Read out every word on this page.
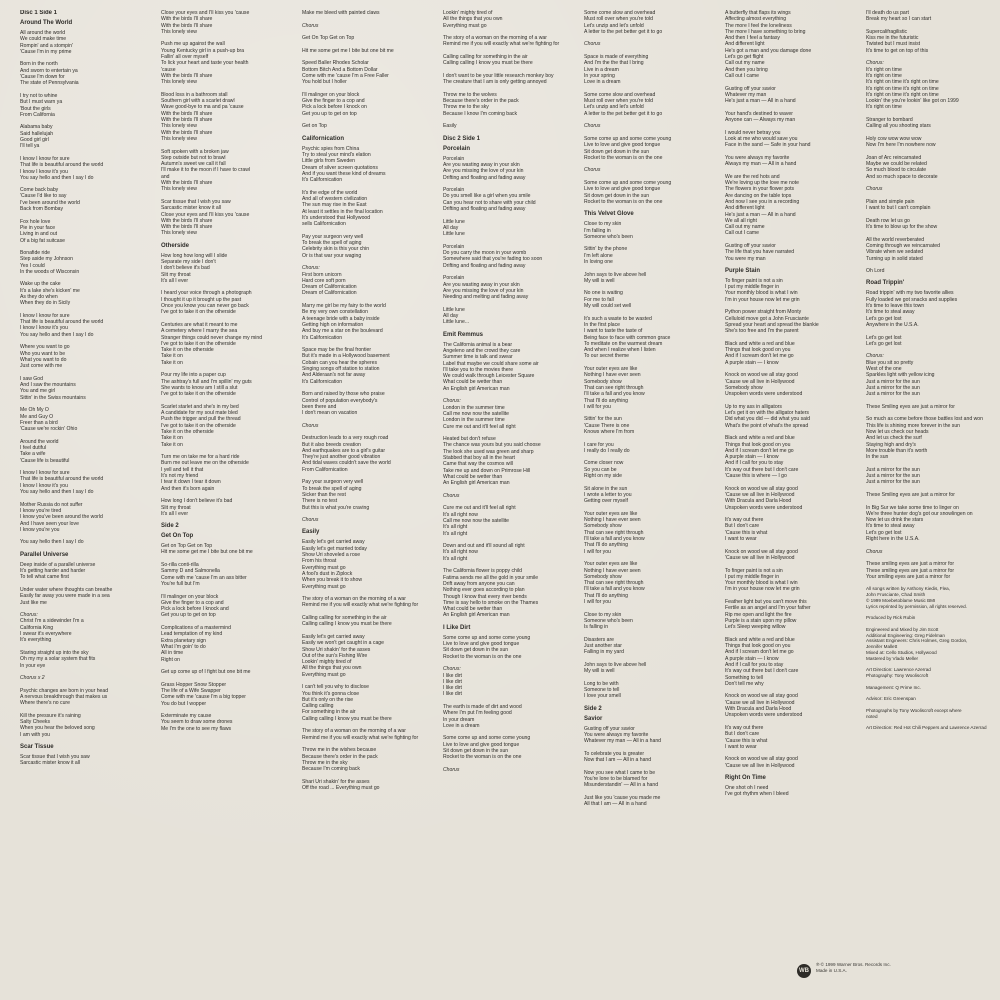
Disc 1 Side 1
Around The World
All around the world
We could make time
Rompin' and a stompin'
'Cause I'm in my prime

Born in the north
And sworn to entertain ya
'Cause I'm down for
The state of Pennsylvania

I try not to whine
But I must warn ya
'Bout the girls
From California

Alabama baby
Said hallelujah
Good girl girl
I'll tell ya

I know I know for sure
That life is beautiful around the world
I know I know it's you
You say hello and then I say I do
Come back baby
'Cause I'd like to say
I've been around the world
Back from Bombay

Fox hole love
Pie in your face
Living in and out
Of a big fat suitcase

Bonafide ride
Step aside my Johnson
Yes I could
In the woods of Wisconsin
Wake up the cake
It's a lake she's kicken' me
As they do when
When they do in Sicily

I know I know for sure
That life is beautiful around the world
I know I know it's you
You say hello and then I say I do

Where you want to go
Who you want to be
What you want to do
Just come with me

I saw God
And I saw the mountains
You and me girl
Sittin' in the Swiss mountains

Me Oh My O
Me and Guy O
Freer than a bird
'Cause we're rockin' Ohio

Around the world
I feel dutiful
Take a wife
'Cause life is beautiful

I know I know for sure
That life is beautiful around the world
I know I know it's you
You say hello and then I say I do

Mother Russia do not suffer
I know you're tired
I know you've been around the world
And I have seen your love
I know you're you

You say hello then I say I do
Parallel Universe
Deep inside of a parallel universe
It's getting harder and harder
To tell what came first

Under water where thoughts can breathe
Easily far away you were made in a sea
Just like me

Chorus:
Christ I'm a sidewinder I'm a
California King
I swear it's everywhere
It's everything

Staring straight up into the sky
Oh my my a solar system that fits
In your eye

Chorus x 2

Psychic changes are born in your head
A nervous breakthrough that makes us
Where there's no cure

Kill the pressure it's raining
Salty Cheeks
When you hear the beloved song
I am with you
Scar Tissue
Scar tissue that I wish you saw
Sarcastic mister know it all
Close your eyes and I'll kiss you 'cause
With the birds I'll share
With the birds I'll share
This lonely view

Push me up against the wall
Young Kentucky girl in a push-up bra
Fallin' all over myself
To lick your heart and taste your health
'cause
With the birds I'll share
This lonely view

Blood loss in a bathroom stall
Southern girl with a scarlet drawl
Wave good-bye to ma and pa 'cause
With the birds I'll share
With the birds I'll share
This lonely view
With the birds I'll share
This lonely view

Soft spoken with a broken jaw
Step outside but not to brawl
Autumn's sweet we call it fall
I'll make it to the moon if I have to crawl
and
With the birds I'll share
This lonely view

Scar tissue that I wish you saw
Sarcastic mister know it all
Close your eyes and I'll kiss you 'cause
With the birds I'll share
With the birds I'll share
This lonely view
Otherside
How long how long will I slide
Separate my side I don't
I don't believe it's bad
Slit my throat
It's all I ever

I heard your voice through a photograph
I thought it up it brought up the past
Once you know you can never go back
I've got to take it on the otherside

Centuries are what it meant to me
A cemetery where I marry the sea
Stranger things could never change my mind
I've got to take it on the otherside
Take it on the otherside
Take it on
Take it on

Pour my life into a paper cup
The ashtray's full and I'm spillin' my guts
She wants to know am I still a slut
I've got to take it on the otherside

Scarlet starlet and she's in my bed
A candidate for my soul mate bled
Push the trigger and pull the thread
I've got to take it on the otherside
Take it on the otherside
Take it on
Take it on

Turn me on take me for a hard ride
Burn me out leave me on the otherside
I yell and tell it that
It's not my friend
I tear it down I tear it down
And then it's born again

How long I don't believe it's bad
Slit my throat
It's all I ever
Side 2
Get On Top
Get on Top Get on Top
Hit me some get me I bite but one bit me

So-rilla conti-rilla
Sammy D and Salmonella
Come with me 'cause I'm an ass bitter
You're full but I'm

I'll malinger on your block
Give the finger to a cop and
Pick a lock before I knock and
Get you up to get on top

Complications of a mastermind
Lead temptation of my kind
Extra planetary sign
What I'm goin' to do
All in time
Right on

Get up come up of I fight but one bit me

Grass Hopper Snow Stopper
The life of a Wife Swapper
Come with me 'cause I'm a big topper
You do but I wopper

Exterminate my cause
You seem to draw some drones
Me I'm the one to see my flaws
Make me bleed with painted claws

Chorus

Get On Top Get on Top

Hit me some get me I bite but one bit me

Speed Baller Rhodes Scholar
Bottom Bitch And a Bottom Dollar
Come with me 'cause I'm a Free Faller
You hold but I holler

I'll malinger on your block
Give the finger to a cop and
Pick a lock before I knock on
Get you up to get on top

Get on Top
Californication
Psychic spies from China
Try to steal your mind's elation
Little girls from Sweden
Dream of silver screen quotations
And if you want these kind of dreams
It's Californication

It's the edge of the world
And all of western civilization
The sun may rise in the East
At least it settles in the final location
It's understood that Hollywood
sells Californication

Pay your surgeon very well
To break the spell of aging
Celebrity skin is this your chin
Or is that war your waging

Chorus:
First born unicorn
Hard core soft porn
Dream of Californication
Dream of Californication

Marry me girl be my fairy to the world
Be my very own constellation
A teenage bride with a baby inside
Getting high on information
And buy me a star on the boulevard
It's Californication

Space may be the final frontier
But it's made in a Hollywood basement
Cobain can you hear the spheres
Singing songs off station to station
And Alderaan's not far away
It's Californication

Born and raised by those who praise
Control of population everybody's
been there and
I don't mean on vacation

Chorus

Destruction leads to a very rough road
But it also breeds creation
And earthquakes are to a girl's guitar
They're just another good vibration
And tidal waves couldn't save the world
From Californication

Pay your surgeon very well
To break the spell of aging
Sicker than the rest
There is no test
But this is what you're craving

Chorus
Easily
Easily let's get carried away
Easily let's get married today
Show Uri shoveled a rose
From his throat
Everything must go
A fool's dust in Ziplock
When you break it to show
Everything must go

The story of a woman on the morning of a war
Remind me if you will exactly what we're fighting for

Calling calling for something in the air
Calling calling I know you must be there

Easily let's get carried away
Easily we won't get caught in a cage
Show Uri shakin' for the asses
Out of the sun's Fishing Wire
Lookin' mighty tired of
All the things that you own
Everything must go

I can't tell you why to disclose
You think it's gonna close
But it's only on the rise
Calling calling
For something in the air
Calling calling I know you must be there

The story of a woman on the morning of a war
Remind me if you will exactly what we're fighting for

Throw me in the wishes because
Because there's order in the pack
Throw me in the sky
Because I'm coming back

Shari Uri shakin' for the asses
Off the road ... Everything must go
Lookin' mighty tired of
All the things that you own
Everything must go

The story of a woman on the morning of a war
Remind me if you will exactly what we're fighting for

Calling calling for something in the air
Calling calling I know you must be there

I don't want to be your little research monkey boy
The creature that I am is only getting annoyed

Throw me to the wolves
Because there's order in the pack
Throw me to the sky
Because I know I'm coming back

Easily
Disc 2 Side 1
Porcelain
Porcelain
Are you wasting away in your skin
Are you missing the love of your kin
Drifting and floating and fading away

Porcelain
Do you smell like a girl when you smile
Can you hear not to share with your child
Drifting and floating and fading away

Little lune
All day
Little lune

Porcelain
Do you carry the moon in your womb
Somewhere said that you're fading too soon
Drifting and floating and fading away

Porcelain
Are you wasting away in your skin
Are you missing the love of your kin
Needing and melting and fading away

Little lune
All day
Little lune...
Emit Remmus
The California animal is a bear
Angeleno and the crowd they care
Summer time is talk and swear
Label that maybe we could share some air
I'll take you to the movies there
We could walk through Leicester Square
What could be wetter than
An English girl American man

Chorus:
London in the summer time
Call me now now the satellite
London in the summer time
Cure me out and it'll feel all right

Heated but don't refuse
The chance was yours but you said choose
The look she used was green and sharp
Stabbed that boy all in the heart
Came that way the cosmos will
Take me up and down on Primrose Hill
What could be wetter than
An English girl American man

Chorus

Cure me out and it'll feel all right
It's all right now
Call me now now the satellite
It's all right
It's all right

Down and out and it'll sound all right
It's all right now
It's all right

The California flower is poppy child
Fatima sends me all the gold in your smile
Drift away from anyone you can
Nothing ever goes according to plan
Though I know that every river bends
Time is say hello to smoke on the Thames
What could be wetter than
An English girl American man
I Like Dirt
Some come up and some come young
Live to love and give good tongue
Sit down get down in the sun
Rocket to the woman is on the one

Chorus:
I like dirt
I like dirt
I like dirt
I like dirt

The earth is made of dirt and wood
Where I'm put I'm feeling good
In your dream
Love in a dream

Some come up and some come young
Live to love and give good tongue
Sit down get down in the sun
Rocket to the woman is on the one

Chorus
Some come slow and overhead
Must roll over when you're told
Let's unzip and let's unfold
A letter to the pet better get it to go

Chorus

Space is made of everything
And I'm the the that I bring
Live in a dream
In your spring
Love in a dream

Some come slow and overhead
Must roll over when you're told
Let's unzip and let's unfold
A letter to the pet better get it to go

Chorus

Some come up and some come young
Live to love and give good tongue
Sit down get down in the sun
Rocket to the woman is on the one

Chorus

Some come up and some come young
Live to love and give good tongue
Sit down get down in the sun
Rocket to the woman is on the one
This Velvet Glove
Close to my skin
I'm falling in
Someone who's been

Sittin' by the phone
I'm left alone
In loving one

John says to live above hell
My will is well

No one is waiting
For me to fall
My will could set well

It's such a waste to be wasted
In the first place
I want to taste the taste of
Being face to face with common grace
To meditate on the warmest dream
And when I realize when I listen
To our secret theme

Your outer eyes are like
Nothing I have ever seen
Somebody show
That can see right through
I'll take a fall and you know
That I'll do anything
I will for you

Sittin' for the sun
'Cause There is one
Knows where I'm from

I care for you
I really do I really do

Come closer now
So you can be
Right on my side

Sit alone in the sun
I wrote a letter to you
Getting over myself

Your outer eyes are like
Nothing I have ever seen
Somebody show
That can see right through
I'll take a fall and you know
That I'll do anything
I will for you

Your outer eyes are like
Nothing I have ever seen
Somebody show
That can see right through
I'll take a fall and you know
That I'll do anything
I will for you

Close to my skin
Someone who's been
Is falling in

Disasters are
Just another star
Falling in my yard

John says to live above hell
My will is well

Long to be with
Someone to tell
I love your smell
Side 2
Savior
Gusting off your savior
You were always my favorite
Whatever my man — All in a hand

To celebrate you is greater
Now that I am — All in a hand

Now you see what I came to be
You're lone to be blamed for
Misunderstandin' — All in a hand

Just like you 'cause you made me
All that I am — All in a hand
A butterfly that flaps its wings
Affecting almost everything
The more I feel the loneliness
The more I have something to bring
And then I feel a fantasy
And different light
He's got a man and you damage done
Let's go get flight
Call out my name
And then you bring
Call out I came

Gusting off your savior
Whatever my man
He's just a man — All in a hand

Your hand's destined to waver
Anyone can — Always my man

I would never betray you
Look at me who would save you
Face in the sand — Safe in your hand

You were always my favorite
Always my man — All in a hand

We are the red hots and
We're loving up the love me note
The flowers in your flower pots
Are dancing on the table tops
And now I see you in a recording
And different light
He's just a man — All in a hand
We all all right
Call out my name
Call out I came

Gusting off your savior
The life that you have narrated
You were my man
Purple Stain
To finger paint is not a sin
I put my middle finger in
Your monthly blood is what I win
I'm in your house now let me grin

Python power straight from Monty
Celluloid move got a John Frusciante
Spread your heart and spread the blankie
She's too free and I'm the parent

Black and white a red and blue
Things that look good on you
And if I scream don't let me go
A purple stain — I know

Knock on wood we all stay good
'Cause we all live in Hollywood
Somebody show
Unspoken words were understood

Up to my ass in alligators
Let's get it on with the alligator haters
Did what you did — did what you said
What's the point of what's the spread

Black and white a red and blue
Things that look good on you
And if I scream don't let me go
A purple stain — I know
And if I call for you to stay
It's way out there but I don't care
'Cause this is where — I go

Knock on wood we all stay good
'Cause we all live in Hollywood
With Dracula and Darla Hood
Unspoken words were understood

It's way out there
But I don't care
'Cause this is what
I want to wear

Knock on wood we all stay good
'Cause we all live in Hollywood

To finger paint is not a sin
I put my middle finger in
Your monthly blood is what I win
I'm in your house now let me grin

Feather light but you can't move this
Fertile as an angel and I'm your father
Rip me open and light the fire
Purple is a stain upon my pillow
Let's Sleep weeping willow

Black and white a red and blue
Things that look good on you
And if I scream don't let me go
A purple stain — I know
And if I call for you to stay
It's way out there but I don't care
Something to tell
Don't tell me why

Knock on wood we all stay good
'Cause we all live in Hollywood
With Dracula and Darla Hood
Unspoken words were understood

It's way out there
But I don't care
'Cause this is what
I want to wear

Knock on wood we all stay good
'Cause we all live in Hollywood
Right On Time
One shot oh I need
I've got rhythm when I bleed
I'll death do us part
Break my heart so I can start

Supercalifragilistic
Kiss me in the futuristic
Twisted but I must insist
It's time to get on top of this

Chorus:
It's right on time
It's right on time
It's right on time it's right on time
It's right on time it's right on time
It's right on time it's right on time
Lookin' the you're lookin' like got on 1999
It's right on time

Stranger to bombard
Calling all you shooting stars

Holy cow wow wow wow
Now I'm here I'm nowhere now

Joan of Arc reincarnated
Maybe we could be related
So much blood to circulate
And so much space to decorate

Chorus

Plain and simple pain
I want to but I can't complain

Death row let us go
It's time to blow up for the show

All the world reverberated
Coming through we reincarnated
Vibrate when we sedated
Turning up in solid stated

Oh Lord
Road Trippin'
Road trippin' with my two favorite allies
Fully loaded we got snacks and supplies
It's time to leave this town
It's time to steal away
Let's go get lost
Anywhere in the U.S.A.

Let's go get lost
Let's go get lost

Chorus:
Blue you sit so pretty
West of the one
Sparkles light with yellow icing
Just a mirror for the sun
Just a mirror for the sun
Just a mirror for the sun

These Smiling eyes are just a mirror for

So much as come before those battles lost and won
This life is shining more forever in the sun
Now let us check our heads
And let us check the surf
Staying high and dry's
More trouble than it's worth
In the sun

Just a mirror for the sun
Just a mirror for the sun
Just a mirror for the sun

These Smiling eyes are just a mirror for

In Big Sur we take some time to linger on
We're three hunter dog's got our snowlingen on
Now let us drink the stars
It's time to steal away
Let's go get lost
Right here in the U.S.A.

Chorus

These smiling eyes are just a mirror for
These smiling eyes are just a mirror for
Your smiling eyes are just a mirror for
All songs written by Anthony Kiedis, Flea,
John Frusciante, Chad Smith
© 1999 Moebetoblame Music BMI
Lyrics reprinted by permission, all rights reserved.

Produced by Rick Rubin

Engineered and Mixed by Jim Scott
Additional Engineering: Greg Fidelman
Assistant Engineers: Chris Holmes, Greg Gordon,
Jennifer Mallett
Mixed at: Cello Studios, Hollywood
Mastered by Vlado Meller

Art Direction: Lawrence Azerrad
Photography: Tony Wooliscroft

Management: Q Prime Inc.

Advisor: Eric Greenspan

Photographs by Tony Wooliscroft except where
noted

Art Direction: Red Hot Chili Peppers and Lawrence Azerrad
WB
℗ © 1999 Warner Bros. Records Inc.
Made in U.S.A.
